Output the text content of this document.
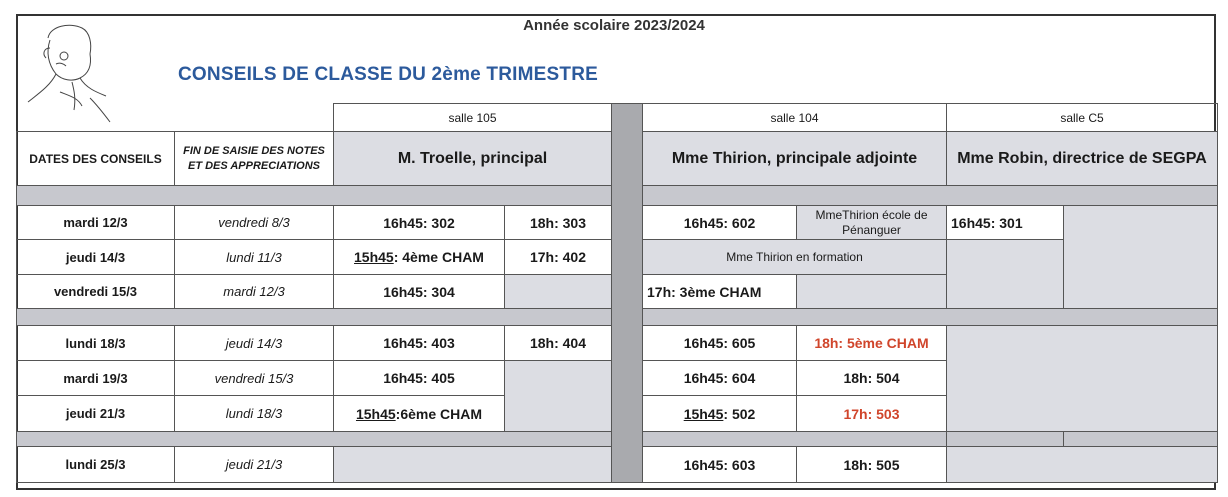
Année scolaire 2023/2024
CONSEILS DE CLASSE DU 2ème TRIMESTRE
		salle 105			salle 104		salle C5	
DATES DES CONSEILS	FIN DE SAISIE DES NOTES ET DES APPRECIATIONS	M. Troelle, principal			Mme Thirion, principale adjointe		Mme Robin, directrice de SEGPA	

mardi 12/3	vendredi 8/3	16h45: 302	18h: 303		16h45: 602	MmeThirion école de Pénanguer	16h45: 301	
jeudi 14/3	lundi 11/3	15h45: 4ème CHAM	17h: 402		Mme Thirion en formation			
vendredi 15/3	mardi 12/3	16h45: 304			17h: 3ème CHAM			

lundi 18/3	jeudi 14/3	16h45: 403	18h: 404		16h45: 605	18h: 5ème CHAM		
mardi 19/3	vendredi 15/3	16h45: 405			16h45: 604	18h: 504		
jeudi 21/3	lundi 18/3	15h45:6ème CHAM			15h45: 502	17h: 503		

lundi 25/3	jeudi 21/3				16h45: 603	18h: 505		
